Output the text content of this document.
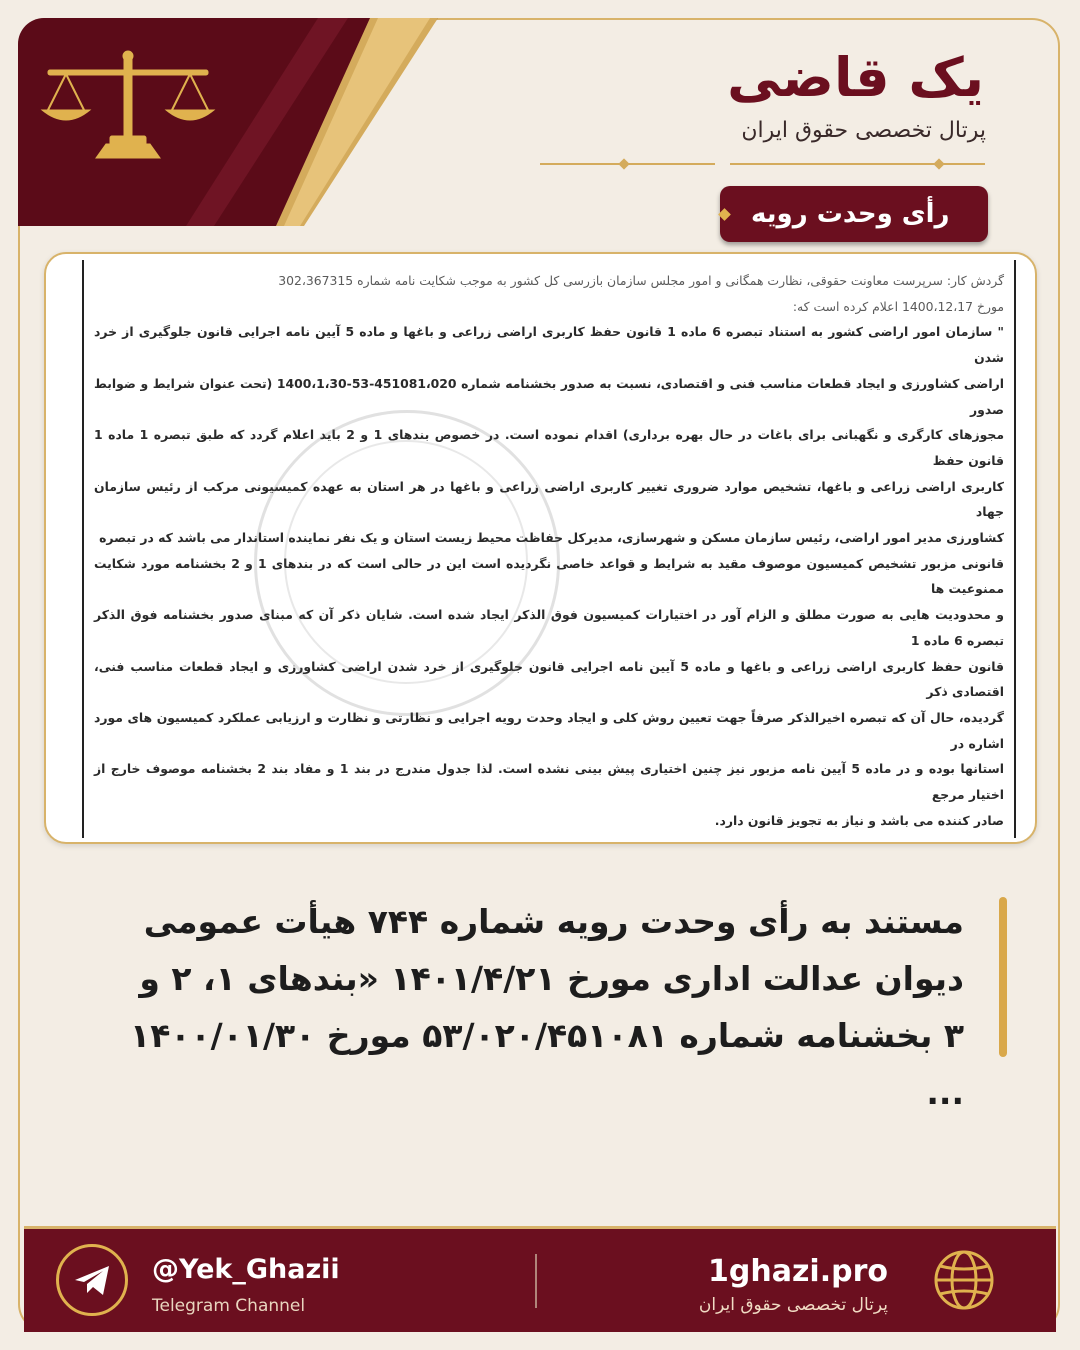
یک قاضی
پرتال تخصصی حقوق ایران
رأی وحدت رویه

گردش کار: سرپرست معاونت حقوقی، نظارت همگانی و امور مجلس سازمان بازرسی کل کشور به موجب شکایت نامه شماره 302،367315

مورخ 1400،12،17 اعلام کرده است که:

" سازمان امور اراضی کشور به استناد تبصره 6 ماده 1 قانون حفظ کاربری اراضی زراعی و باغها و ماده 5 آیین نامه اجرایی قانون جلوگیری از خرد شدن

اراضی کشاورزی و ایجاد قطعات مناسب فنی و اقتصادی، نسبت به صدور بخشنامه شماره 451081،020-53-1400،1،30 (تحت عنوان شرایط و ضوابط صدور

مجوزهای کارگری و نگهبانی برای باغات در حال بهره برداری) اقدام نموده است. در خصوص بندهای 1 و 2 باید اعلام گردد که طبق تبصره 1 ماده 1 قانون حفظ

کاربری اراضی زراعی و باغها، تشخیص موارد ضروری تغییر کاربری اراضی زراعی و باغها در هر استان به عهده کمیسیونی مرکب از رئیس سازمان جهاد

کشاورزی مدیر امور اراضی، رئیس سازمان مسکن و شهرسازی، مدیرکل حفاظت محیط زیست استان و یک نفر نماینده استاندار می باشد که در تبصره

قانونی مزبور تشخیص کمیسیون موصوف مقید به شرایط و قواعد خاصی نگردیده است این در حالی است که در بندهای 1 و 2 بخشنامه مورد شکایت ممنوعیت ها

و محدودیت هایی به صورت مطلق و الزام آور در اختیارات کمیسیون فوق الذکر ایجاد شده است. شایان ذکر آن که مبنای صدور بخشنامه فوق الذکر تبصره 6 ماده 1

قانون حفظ کاربری اراضی زراعی و باغها و ماده 5 آیین نامه اجرایی قانون جلوگیری از خرد شدن اراضی کشاورزی و ایجاد قطعات مناسب فنی، اقتصادی ذکر

گردیده، حال آن که تبصره اخیرالذکر صرفاً جهت تعیین روش کلی و ایجاد وحدت رویه اجرایی و نظارتی و نظارت و ارزیابی عملکرد کمیسیون های مورد اشاره در

استانها بوده و در ماده 5 آیین نامه مزبور نیز چنین اختیاری پیش بینی نشده است. لذا جدول مندرج در بند 1 و مفاد بند 2 بخشنامه موصوف خارج از اختیار مرجع

صادر کننده می باشد و نیاز به تجویز قانون دارد.

مستند به رأی وحدت رویه شماره ۷۴۴ هیأت عمومی دیوان عدالت اداری مورخ ۱۴۰۱/۴/۲۱ «بندهای ۱، ۲ و ۳ بخشنامه شماره ۵۳/۰۲۰/۴۵۱۰۸۱ مورخ ۱۴۰۰/۰۱/۳۰ ...
@Yek_Ghazii
Telegram Channel
1ghazi.pro
پرتال تخصصی حقوق ایران
